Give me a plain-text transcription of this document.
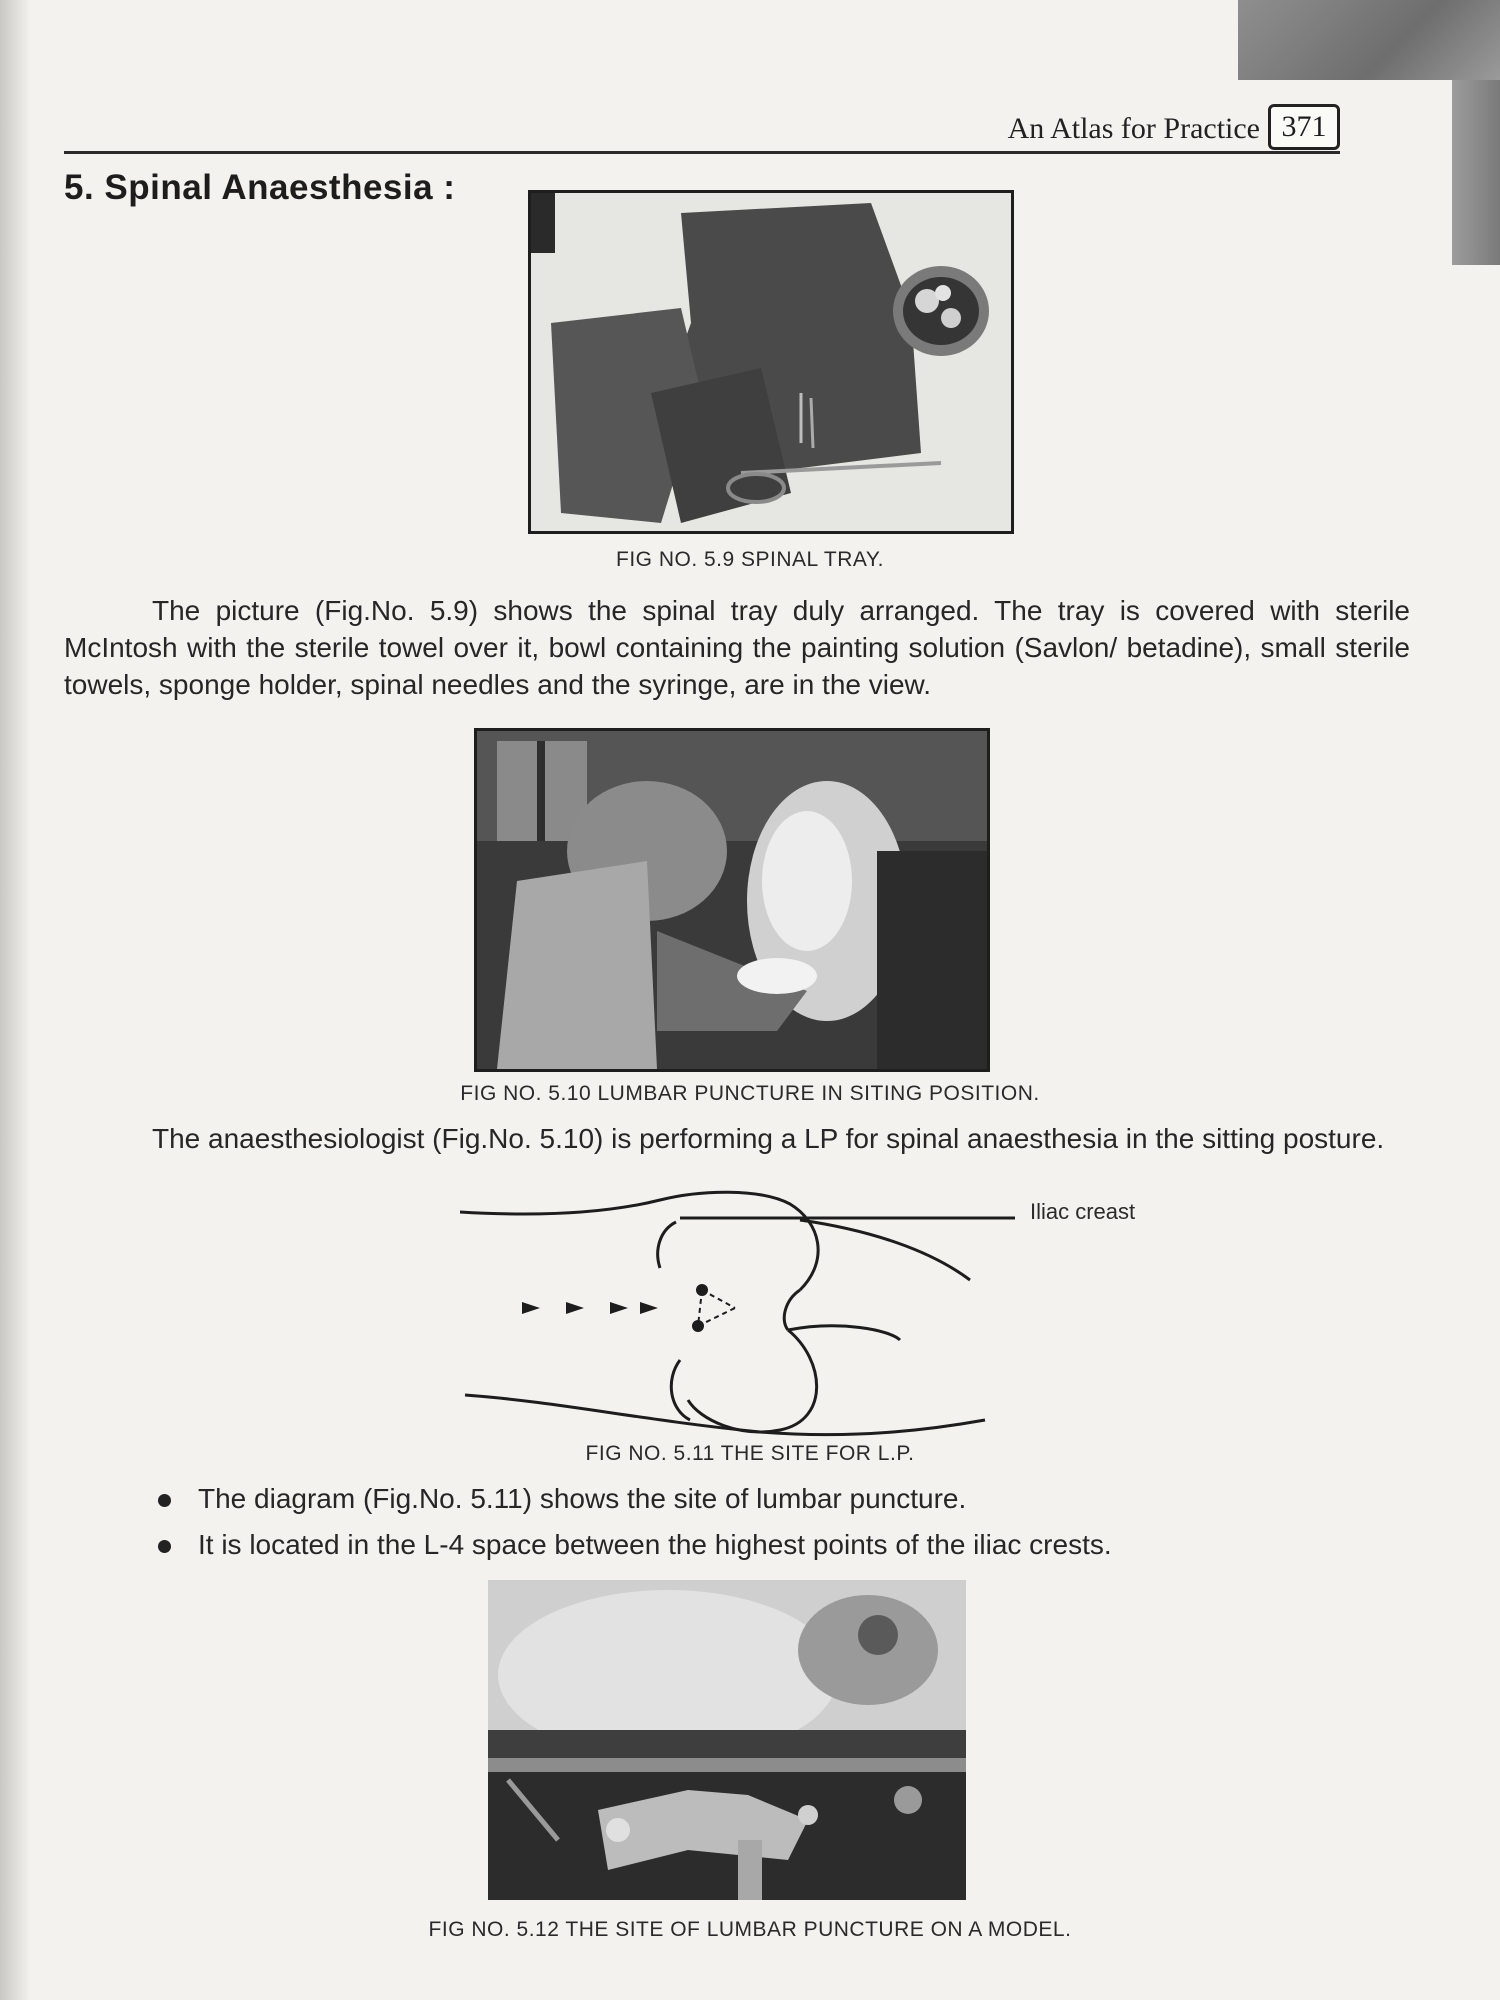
An Atlas for Practice 371
5. Spinal Anaesthesia :
FIG NO. 5.9 SPINAL TRAY.
The picture (Fig.No. 5.9) shows the spinal tray duly arranged. The tray is covered with sterile McIntosh with the sterile towel over it, bowl containing the painting solution (Savlon/ betadine), small sterile towels, sponge holder, spinal needles and the syringe, are in the view.
FIG NO. 5.10 LUMBAR PUNCTURE IN SITING POSITION.
The anaesthesiologist (Fig.No. 5.10) is performing a LP for spinal anaesthesia in the sitting posture.
Iliac creast
FIG NO. 5.11 THE SITE FOR L.P.
The diagram (Fig.No. 5.11) shows the site of lumbar puncture.
It is located in the L-4 space between the highest points of the iliac crests.
FIG NO. 5.12 THE SITE OF LUMBAR PUNCTURE ON A MODEL.
